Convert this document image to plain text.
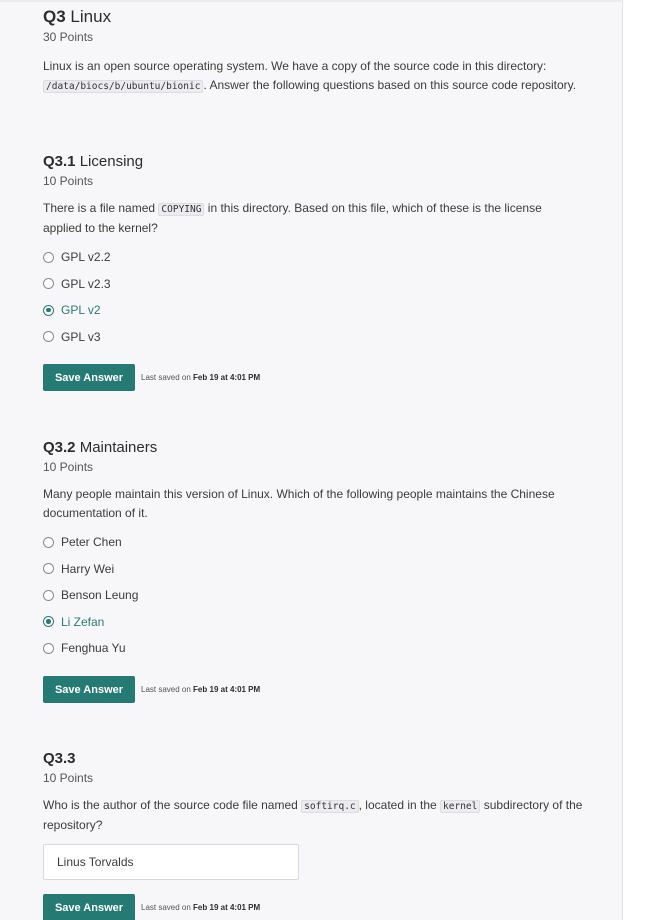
Q3 Linux
30 Points
Linux is an open source operating system. We have a copy of the source code in this directory: /data/biocs/b/ubuntu/bionic . Answer the following questions based on this source code repository.
Q3.1 Licensing
10 Points
There is a file named COPYING in this directory. Based on this file, which of these is the license applied to the kernel?
GPL v2.2
GPL v2.3
GPL v2
GPL v3
Save Answer	Last saved on Feb 19 at 4:01 PM
Q3.2 Maintainers
10 Points
Many people maintain this version of Linux. Which of the following people maintains the Chinese documentation of it.
Peter Chen
Harry Wei
Benson Leung
Li Zefan
Fenghua Yu
Save Answer	Last saved on Feb 19 at 4:01 PM
Q3.3
10 Points
Who is the author of the source code file named softirq.c , located in the kernel subdirectory of the repository?
Linus Torvalds
Save Answer	Last saved on Feb 19 at 4:01 PM
